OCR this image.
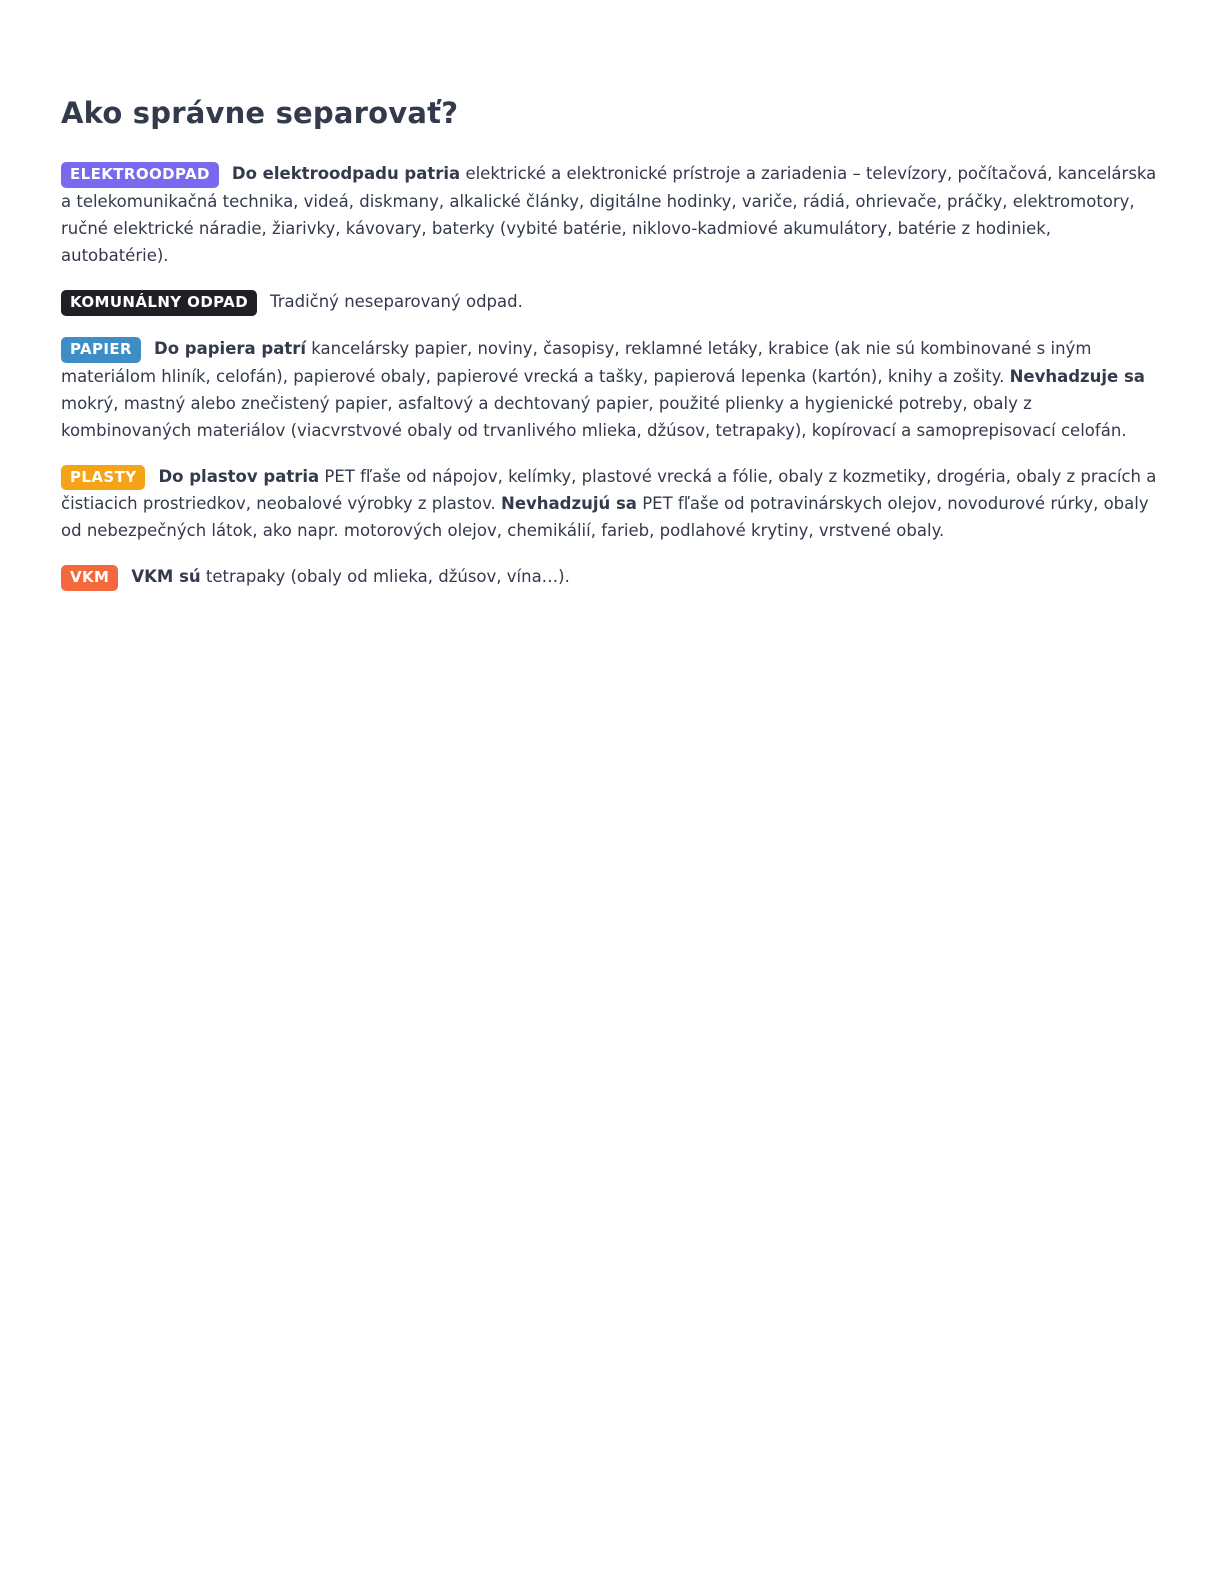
Ako správne separovať?

ELEKTROODPAD Do elektroodpadu patria elektrické a elektronické prístroje a zariadenia – televízory, počítačová, kancelárska a telekomunikačná technika, videá, diskmany, alkalické články, digitálne hodinky, variče, rádiá, ohrievače, práčky, elektromotory, ručné elektrické náradie, žiarivky, kávovary, baterky (vybité batérie, niklovo-kadmiové akumulátory, batérie z hodiniek, autobatérie).

KOMUNÁLNY ODPAD Tradičný neseparovaný odpad.

PAPIER Do papiera patrí kancelársky papier, noviny, časopisy, reklamné letáky, krabice (ak nie sú kombinované s iným materiálom hliník, celofán), papierové obaly, papierové vrecká a tašky, papierová lepenka (kartón), knihy a zošity. Nevhadzuje sa mokrý, mastný alebo znečistený papier, asfaltový a dechtovaný papier, použité plienky a hygienické potreby, obaly z kombinovaných materiálov (viacvrstvové obaly od trvanlivého mlieka, džúsov, tetrapaky), kopírovací a samoprepisovací celofán.

PLASTY Do plastov patria PET fľaše od nápojov, kelímky, plastové vrecká a fólie, obaly z kozmetiky, drogéria, obaly z pracích a čistiacich prostriedkov, neobalové výrobky z plastov. Nevhadzujú sa PET fľaše od potravinárskych olejov, novodurové rúrky, obaly od nebezpečných látok, ako napr. motorových olejov, chemikálií, farieb, podlahové krytiny, vrstvené obaly.

VKM VKM sú tetrapaky (obaly od mlieka, džúsov, vína…).
